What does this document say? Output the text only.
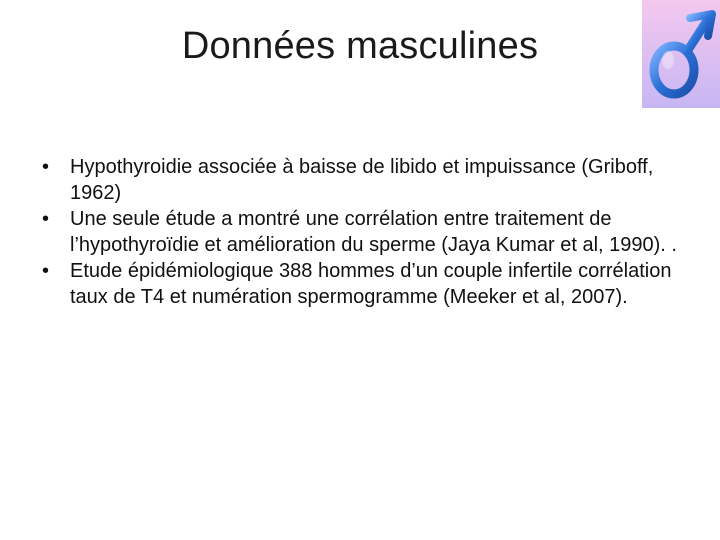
Données masculines
•	Hypothyroidie associée à baisse de libido et impuissance (Griboff, 1962)
•	Une seule étude a montré une corrélation entre traitement de l’hypothyroïdie et amélioration du sperme (Jaya Kumar et al, 1990). .
•	Etude épidémiologique 388 hommes d’un couple infertile corrélation taux de T4 et numération spermogramme (Meeker et al, 2007).
